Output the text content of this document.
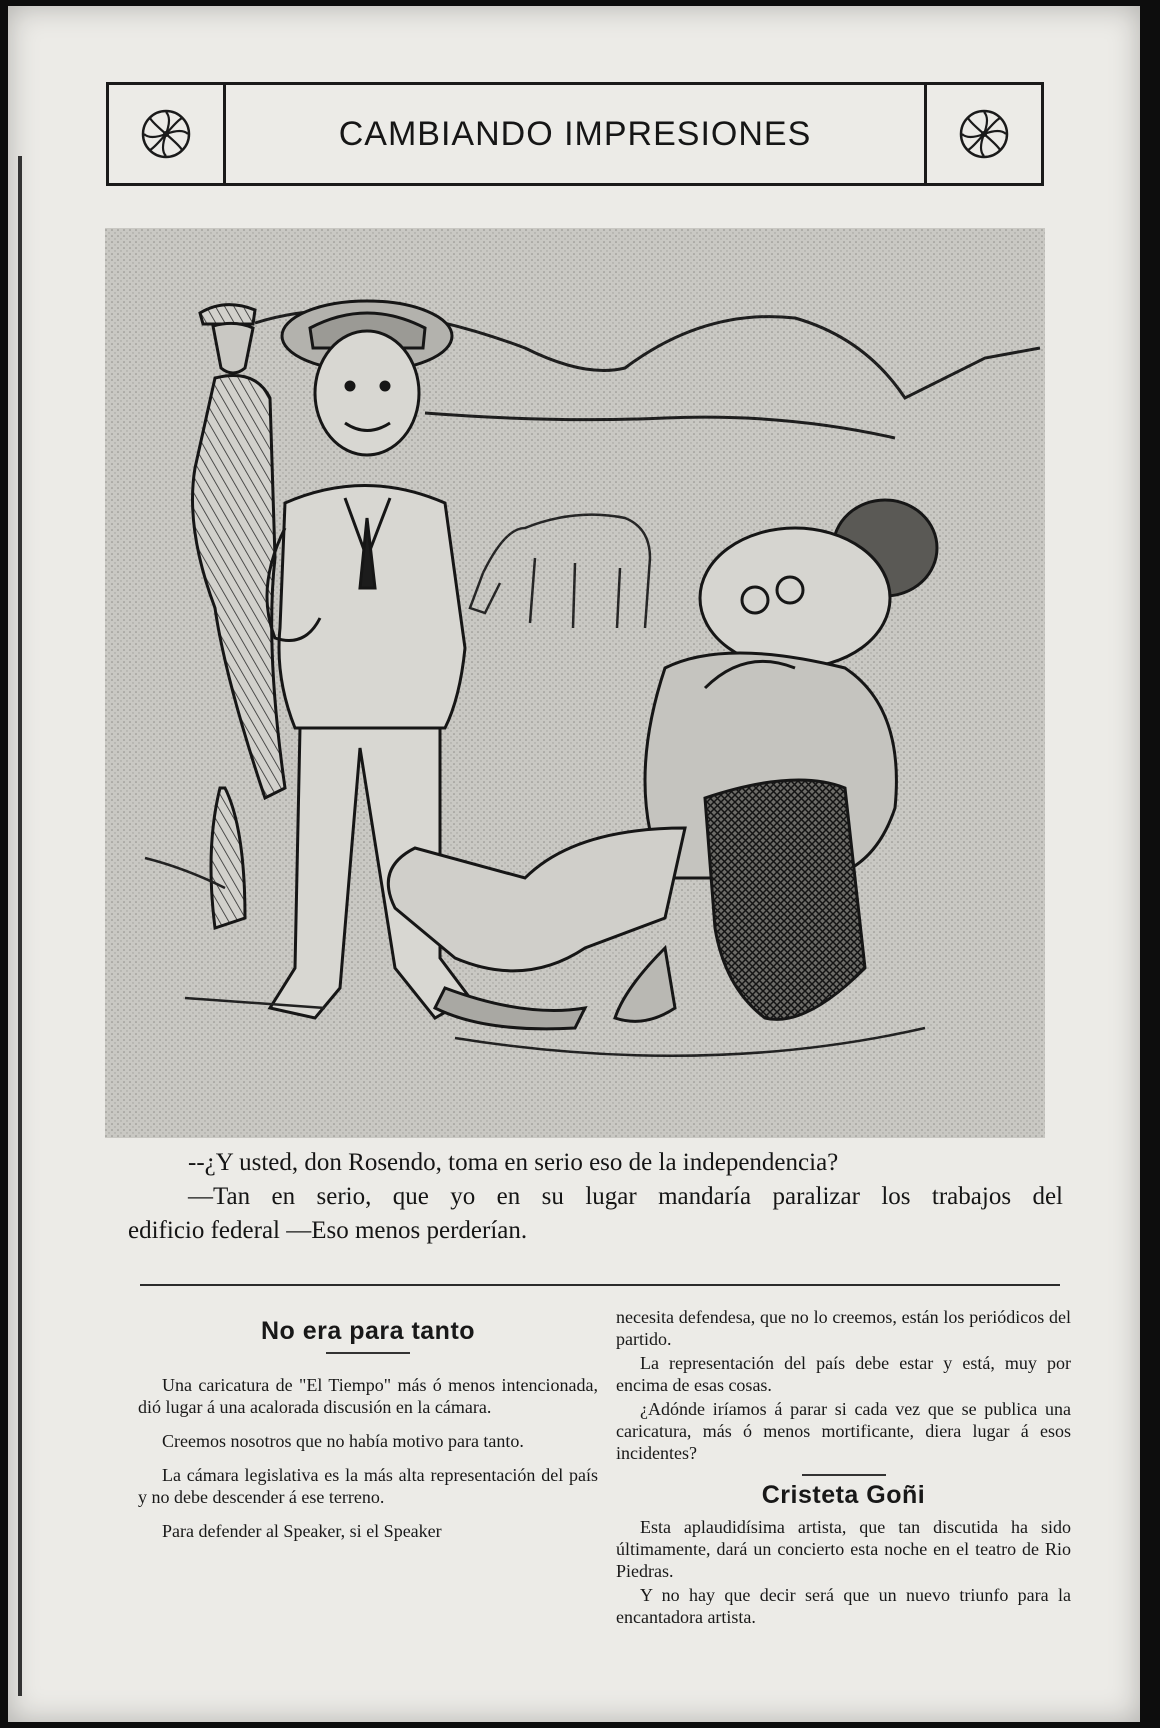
CAMBIANDO IMPRESIONES

--¿Y usted, don Rosendo, toma en serio eso de la independencia?

—Tan en serio, que yo en su lugar mandaría paralizar los trabajos del

edificio federal —Eso menos perderían.

No era para tanto

Una caricatura de "El Tiempo" más ó menos intencionada, dió lugar á una acalorada discusión en la cámara.

Creemos nosotros que no había motivo para tanto.

La cámara legislativa es la más alta representación del país y no debe descender á ese terreno.

Para defender al Speaker, si el Speaker

necesita defendesa, que no lo creemos, están los periódicos del partido.

La representación del país debe estar y está, muy por encima de esas cosas.

¿Adónde iríamos á parar si cada vez que se publica una caricatura, más ó menos mortificante, diera lugar á esos incidentes?

Cristeta Goñi

Esta aplaudidísima artista, que tan discutida ha sido últimamente, dará un concierto esta noche en el teatro de Rio Piedras.

Y no hay que decir será que un nuevo triunfo para la encantadora artista.
